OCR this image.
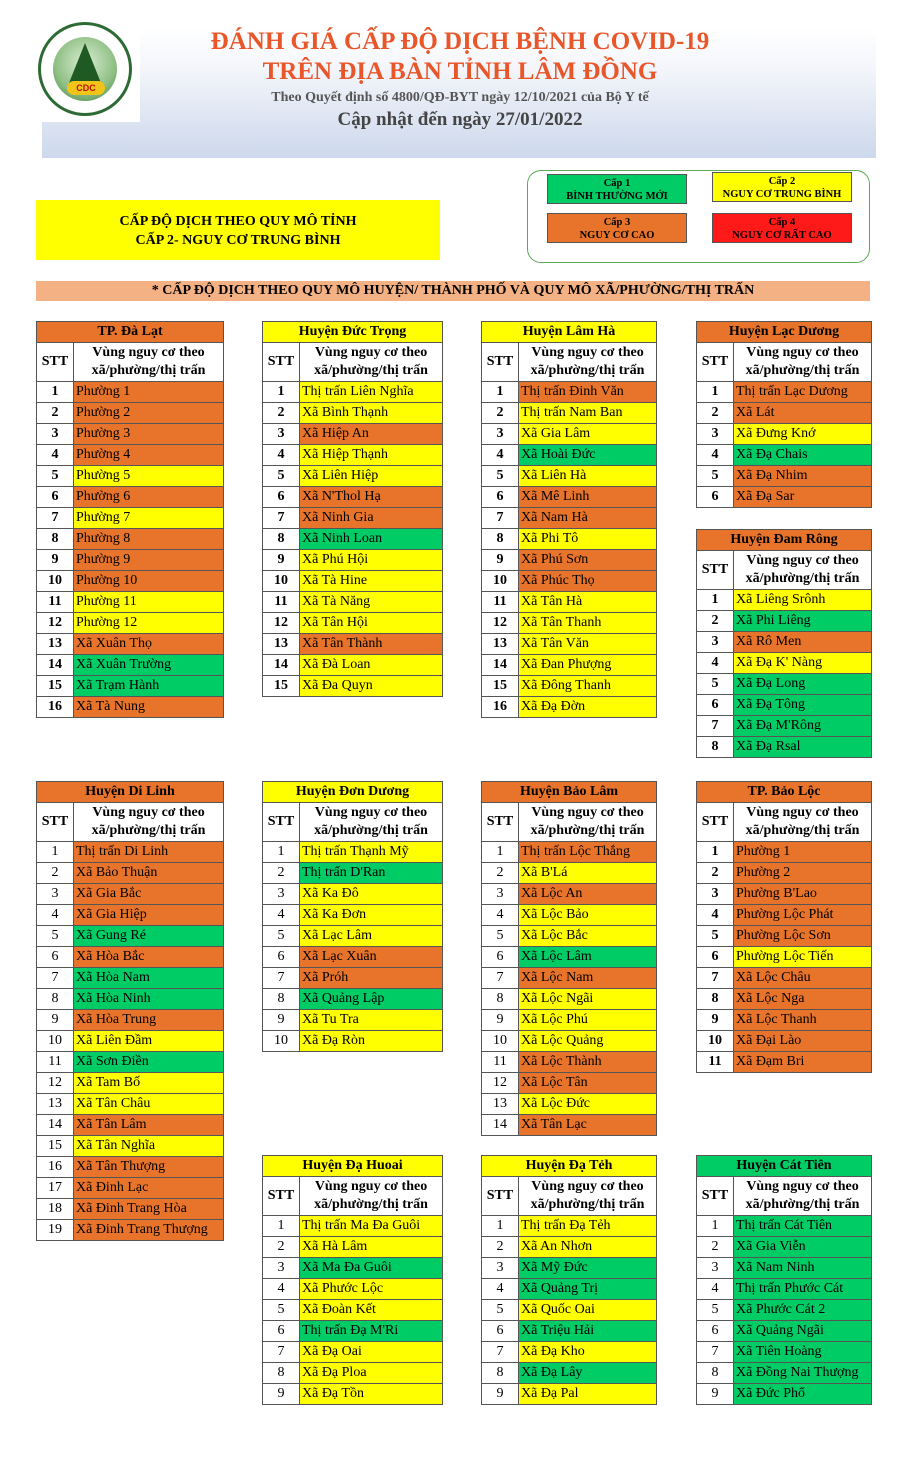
CDC
ĐÁNH GIÁ CẤP ĐỘ DỊCH BỆNH COVID-19
TRÊN ĐỊA BÀN TỈNH LÂM ĐỒNG
Theo Quyết định số 4800/QĐ-BYT ngày 12/10/2021 của Bộ Y tế
Cập nhật đến ngày 27/01/2022
CẤP ĐỘ DỊCH THEO QUY MÔ TỈNH
CẤP 2- NGUY CƠ TRUNG BÌNH
Cấp 1
BÌNH THƯỜNG MỚI
Cấp 2
NGUY CƠ TRUNG BÌNH
Cấp 3
NGUY CƠ CAO
Cấp 4
NGUY CƠ RẤT CAO
* CẤP ĐỘ DỊCH THEO QUY MÔ HUYỆN/ THÀNH PHỐ VÀ QUY MÔ XÃ/PHƯỜNG/THỊ TRẤN
TP. Đà Lạt	
STT	Vùng nguy cơ theo
xã/phường/thị trấn

1	Phường 1
2	Phường 2
3	Phường 3
4	Phường 4
5	Phường 5
6	Phường 6
7	Phường 7
8	Phường 8
9	Phường 9
10	Phường 10
11	Phường 11
12	Phường 12
13	Xã Xuân Thọ
14	Xã Xuân Trường
15	Xã Trạm Hành
16	Xã Tà Nung
Huyện Đức Trọng	
STT	Vùng nguy cơ theo
xã/phường/thị trấn

1	Thị trấn Liên Nghĩa
2	Xã Bình Thạnh
3	Xã Hiệp An
4	Xã Hiệp Thạnh
5	Xã Liên Hiệp
6	Xã N'Thol Hạ
7	Xã Ninh Gia
8	Xã Ninh Loan
9	Xã Phú Hội
10	Xã Tà Hine
11	Xã Tà Năng
12	Xã Tân Hội
13	Xã Tân Thành
14	Xã Đà Loan
15	Xã Đa Quyn
Huyện Lâm Hà	
STT	Vùng nguy cơ theo
xã/phường/thị trấn

1	Thị trấn Đinh Văn
2	Thị trấn Nam Ban
3	Xã Gia Lâm
4	Xã Hoài Đức
5	Xã Liên Hà
6	Xã Mê Linh
7	Xã Nam Hà
8	Xã Phi Tô
9	Xã Phú Sơn
10	Xã Phúc Thọ
11	Xã Tân Hà
12	Xã Tân Thanh
13	Xã Tân Văn
14	Xã Đan Phượng
15	Xã Đông Thanh
16	Xã Đạ Đờn
Huyện Lạc Dương	
STT	Vùng nguy cơ theo
xã/phường/thị trấn

1	Thị trấn Lạc Dương
2	Xã Lát
3	Xã Đưng Knớ
4	Xã Đạ Chais
5	Xã Đạ Nhim
6	Xã Đạ Sar
Huyện Đam Rông	
STT	Vùng nguy cơ theo
xã/phường/thị trấn

1	Xã Liêng Srônh
2	Xã Phi Liêng
3	Xã Rô Men
4	Xã Đạ K' Nàng
5	Xã Đạ Long
6	Xã Đạ Tông
7	Xã Đạ M'Rông
8	Xã Đạ Rsal
Huyện Di Linh	
STT	Vùng nguy cơ theo
xã/phường/thị trấn

1	Thị trấn Di Linh
2	Xã Bảo Thuận
3	Xã Gia Bắc
4	Xã Gia Hiệp
5	Xã Gung Ré
6	Xã Hòa Bắc
7	Xã Hòa Nam
8	Xã Hòa Ninh
9	Xã Hòa Trung
10	Xã Liên Đầm
11	Xã Sơn Điền
12	Xã Tam Bố
13	Xã Tân Châu
14	Xã Tân Lâm
15	Xã Tân Nghĩa
16	Xã Tân Thượng
17	Xã Đinh Lạc
18	Xã Đinh Trang Hòa
19	Xã Đinh Trang Thượng
Huyện Đơn Dương	
STT	Vùng nguy cơ theo
xã/phường/thị trấn

1	Thị trấn Thạnh Mỹ
2	Thị trấn D'Ran
3	Xã Ka Đô
4	Xã Ka Đơn
5	Xã Lạc Lâm
6	Xã Lạc Xuân
7	Xã Próh
8	Xã Quảng Lập
9	Xã Tu Tra
10	Xã Đạ Ròn
Huyện Bảo Lâm	
STT	Vùng nguy cơ theo
xã/phường/thị trấn

1	Thị trấn Lộc Thắng
2	Xã B'Lá
3	Xã Lộc An
4	Xã Lộc Bảo
5	Xã Lộc Bắc
6	Xã Lộc Lâm
7	Xã Lộc Nam
8	Xã Lộc Ngãi
9	Xã Lộc Phú
10	Xã Lộc Quảng
11	Xã Lộc Thành
12	Xã Lộc Tân
13	Xã Lộc Đức
14	Xã Tân Lạc
TP. Bảo Lộc	
STT	Vùng nguy cơ theo
xã/phường/thị trấn

1	Phường 1
2	Phường 2
3	Phường B'Lao
4	Phường Lộc Phát
5	Phường Lộc Sơn
6	Phường Lộc Tiến
7	Xã Lộc Châu
8	Xã Lộc Nga
9	Xã Lộc Thanh
10	Xã Đại Lào
11	Xã Đạm Bri
Huyện Đạ Huoai	
STT	Vùng nguy cơ theo
xã/phường/thị trấn

1	Thị trấn Ma Đa Guôi
2	Xã Hà Lâm
3	Xã Ma Đa Guôi
4	Xã Phước Lộc
5	Xã Đoàn Kết
6	Thị trấn Đạ M'Ri
7	Xã Đạ Oai
8	Xã Đạ Ploa
9	Xã Đạ Tồn
Huyện Đạ Tẻh	
STT	Vùng nguy cơ theo
xã/phường/thị trấn

1	Thị trấn Đạ Tẻh
2	Xã An Nhơn
3	Xã Mỹ Đức
4	Xã Quảng Trị
5	Xã Quốc Oai
6	Xã Triệu Hải
7	Xã Đạ Kho
8	Xã Đạ Lây
9	Xã Đạ Pal
Huyện Cát Tiên	
STT	Vùng nguy cơ theo
xã/phường/thị trấn

1	Thị trấn Cát Tiên
2	Xã Gia Viễn
3	Xã Nam Ninh
4	Thị trấn Phước Cát
5	Xã Phước Cát 2
6	Xã Quảng Ngãi
7	Xã Tiên Hoàng
8	Xã Đồng Nai Thượng
9	Xã Đức Phổ
